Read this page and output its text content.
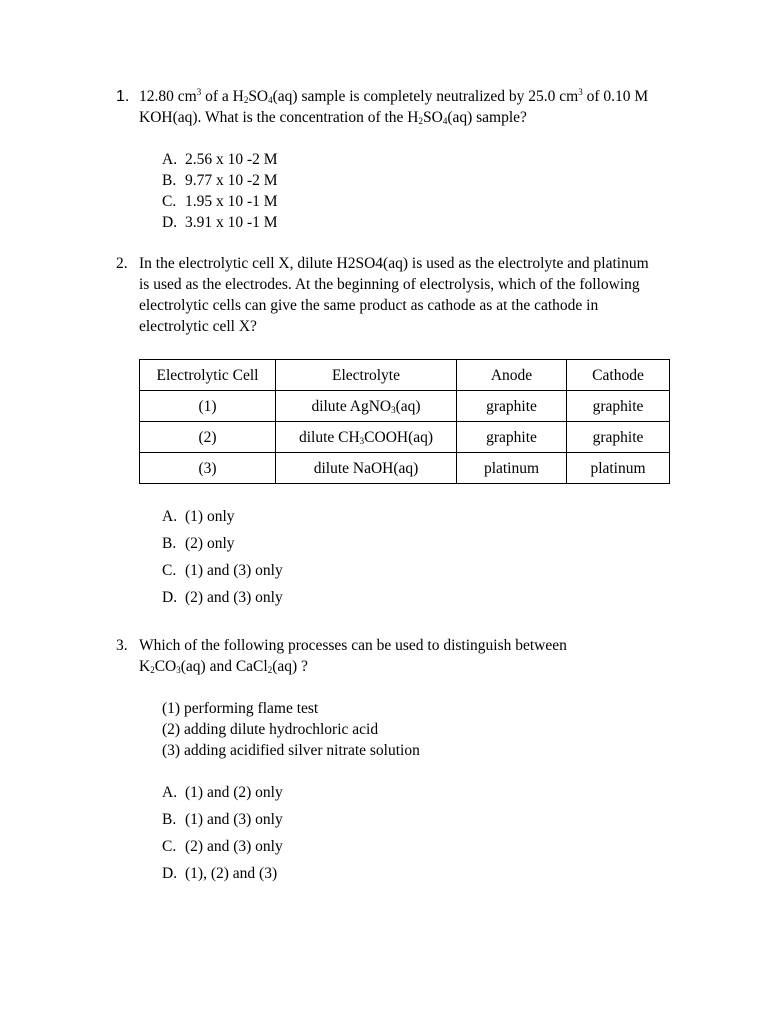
1. 12.80 $cm^3$ of a $H_2SO_4(aq)$ sample is completely neutralized by 25.0 $cm^3$ of 0.10 M KOH(aq). What is the concentration of the $H_2SO_4(aq)$ sample?
A. 2.56 x 10 -2 M
B. 9.77 x 10 -2 M
C. 1.95 x 10 -1 M
D. 3.91 x 10 -1 M
2. In the electrolytic cell X, dilute H2SO4(aq) is used as the electrolyte and platinum is used as the electrodes. At the beginning of electrolysis, which of the following electrolytic cells can give the same product as cathode as at the cathode in electrolytic cell X?
Electrolytic Cell	Electrolyte	Anode	Cathode
(1)	dilute AgNO$_3$(aq)	graphite	graphite
(2)	dilute $CH_3COOH(aq)$	graphite	graphite
(3)	dilute NaOH(aq)	platinum	platinum
A. (1) only
B. (2) only
C. (1) and (3) only
D. (2) and (3) only
3. Which of the following processes can be used to distinguish between
$K_2CO_3(aq)$ and CaCl$_2$(aq) ?
(1) performing flame test
(2) adding dilute hydrochloric acid
(3) adding acidified silver nitrate solution
A. (1) and (2) only
B. (1) and (3) only
C. (2) and (3) only
D. (1), (2) and (3)
